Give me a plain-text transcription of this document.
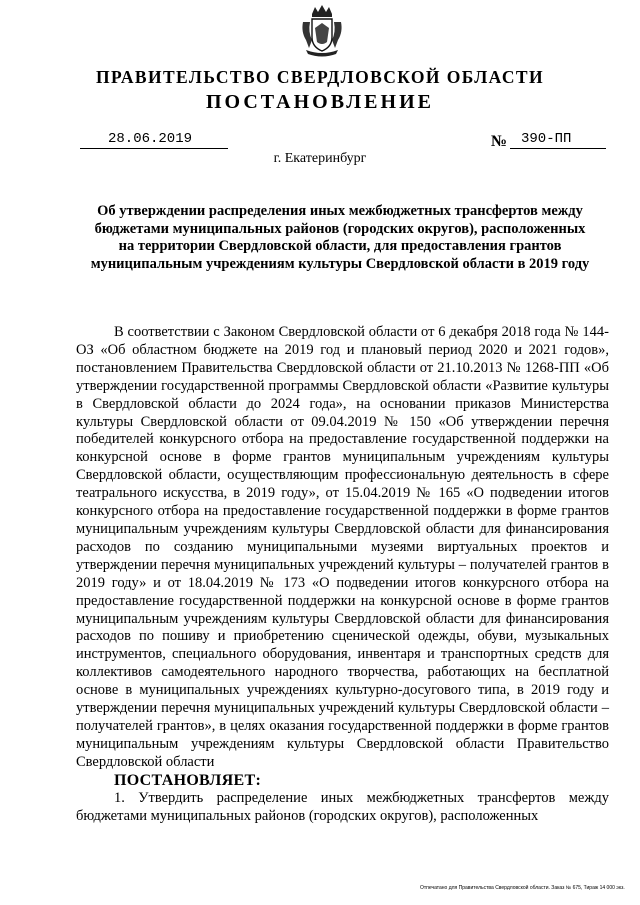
ПРАВИТЕЛЬСТВО СВЕРДЛОВСКОЙ ОБЛАСТИ
ПОСТАНОВЛЕНИЕ
28.06.2019	№ 390-ПП
г. Екатеринбург
Об утверждении распределения иных межбюджетных трансфертов между бюджетами муниципальных районов (городских округов), расположенных на территории Свердловской области, для предоставления грантов муниципальным учреждениям культуры Свердловской области в 2019 году

В соответствии с Законом Свердловской области от 6 декабря 2018 года № 144-ОЗ «Об областном бюджете на 2019 год и плановый период 2020 и 2021 годов», постановлением Правительства Свердловской области от 21.10.2013 № 1268-ПП «Об утверждении государственной программы Свердловской области «Развитие культуры в Свердловской области до 2024 года», на основании приказов Министерства культуры Свердловской области от 09.04.2019 № 150 «Об утверждении перечня победителей конкурсного отбора на предоставление государственной поддержки на конкурсной основе в форме грантов муниципальным учреждениям культуры Свердловской области, осуществляющим профессиональную деятельность в сфере театрального искусства, в 2019 году», от 15.04.2019 № 165 «О подведении итогов конкурсного отбора на предоставление государственной поддержки в форме грантов муниципальным учреждениям культуры Свердловской области для финансирования расходов по созданию муниципальными музеями виртуальных проектов и утверждении перечня муниципальных учреждений культуры – получателей грантов в 2019 году» и от 18.04.2019 № 173 «О подведении итогов конкурсного отбора на предоставление государственной поддержки на конкурсной основе в форме грантов муниципальным учреждениям культуры Свердловской области для финансирования расходов по пошиву и приобретению сценической одежды, обуви, музыкальных инструментов, специального оборудования, инвентаря и транспортных средств для коллективов самодеятельного народного творчества, работающих на бесплатной основе в муниципальных учреждениях культурно-досугового типа, в 2019 году и утверждении перечня муниципальных учреждений культуры Свердловской области – получателей грантов», в целях оказания государственной поддержки в форме грантов муниципальным учреждениям культуры Свердловской области Правительство Свердловской области

ПОСТАНОВЛЯЕТ:

1. Утвердить распределение иных межбюджетных трансфертов между бюджетами муниципальных районов (городских округов), расположенных

Отпечатано для Правительства Свердловской области. Заказ № 675, Тираж 14 000 экз.
